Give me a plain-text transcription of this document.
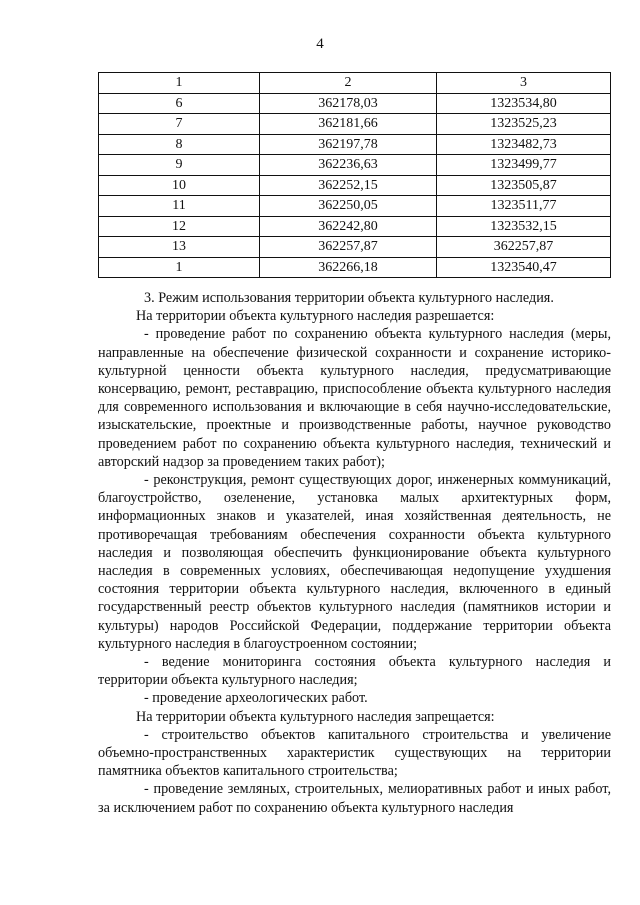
4
1	2	3
6	362178,03	1323534,80
7	362181,66	1323525,23
8	362197,78	1323482,73
9	362236,63	1323499,77
10	362252,15	1323505,87
11	362250,05	1323511,77
12	362242,80	1323532,15
13	362257,87	362257,87
1	362266,18	1323540,47

3. Режим использования территории объекта культурного наследия.

На территории объекта культурного наследия разрешается:

- проведение работ по сохранению объекта культурного наследия (меры, направленные на обеспечение физической сохранности и сохранение историко-культурной ценности объекта культурного наследия, предусматривающие консервацию, ремонт, реставрацию, приспособление объекта культурного наследия для современного использования и включающие в себя научно-исследовательские, изыскательские, проектные и производственные работы, научное руководство проведением работ по сохранению объекта культурного наследия, технический и авторский надзор за проведением таких работ);

- реконструкция, ремонт существующих дорог, инженерных коммуникаций, благоустройство, озеленение, установка малых архитектурных форм, информационных знаков и указателей, иная хозяйственная деятельность, не противоречащая требованиям обеспечения сохранности объекта культурного наследия и позволяющая обеспечить функционирование объекта культурного наследия в современных условиях, обеспечивающая недопущение ухудшения состояния территории объекта культурного наследия, включенного в единый государственный реестр объектов культурного наследия (памятников истории и культуры) народов Российской Федерации, поддержание территории объекта культурного наследия в благоустроенном состоянии;

- ведение мониторинга состояния объекта культурного наследия и территории объекта культурного наследия;

- проведение археологических работ.

На территории объекта культурного наследия запрещается:

- строительство объектов капитального строительства и увеличение объемно-пространственных характеристик существующих на территории памятника объектов капитального строительства;

- проведение земляных, строительных, мелиоративных работ и иных работ, за исключением работ по сохранению объекта культурного наследия
